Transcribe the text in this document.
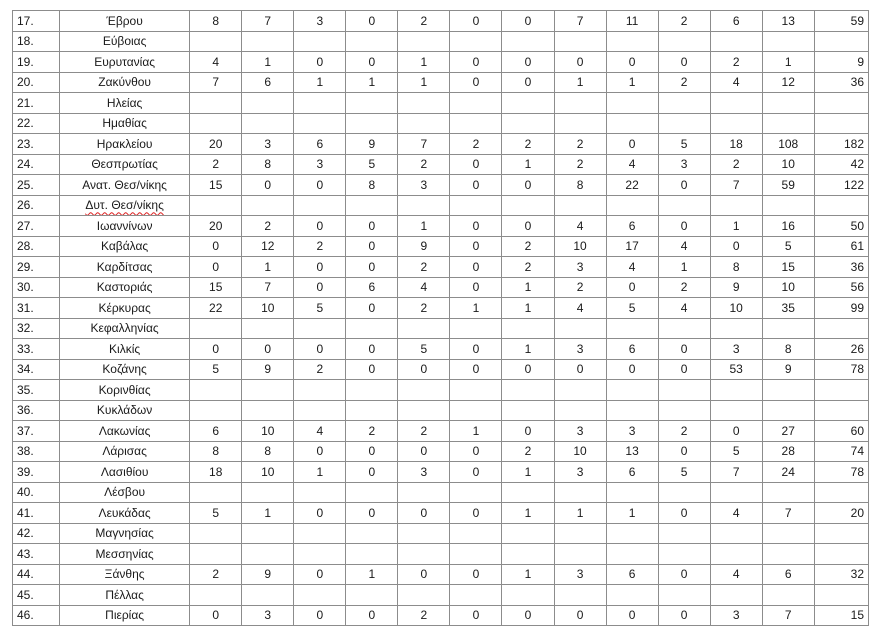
17.	Έβρου	8	7	3	0	2	0	0	7	11	2	6	13	59
18.	Εύβοιας													
19.	Ευρυτανίας	4	1	0	0	1	0	0	0	0	0	2	1	9
20.	Ζακύνθου	7	6	1	1	1	0	0	1	1	2	4	12	36
21.	Ηλείας													
22.	Ημαθίας													
23.	Ηρακλείου	20	3	6	9	7	2	2	2	0	5	18	108	182
24.	Θεσπρωτίας	2	8	3	5	2	0	1	2	4	3	2	10	42
25.	Ανατ. Θεσ/νίκης	15	0	0	8	3	0	0	8	22	0	7	59	122
26.	Δυτ. Θεσ/νίκης													
27.	Ιωαννίνων	20	2	0	0	1	0	0	4	6	0	1	16	50
28.	Καβάλας	0	12	2	0	9	0	2	10	17	4	0	5	61
29.	Καρδίτσας	0	1	0	0	2	0	2	3	4	1	8	15	36
30.	Καστοριάς	15	7	0	6	4	0	1	2	0	2	9	10	56
31.	Κέρκυρας	22	10	5	0	2	1	1	4	5	4	10	35	99
32.	Κεφαλληνίας													
33.	Κιλκίς	0	0	0	0	5	0	1	3	6	0	3	8	26
34.	Κοζάνης	5	9	2	0	0	0	0	0	0	0	53	9	78
35.	Κορινθίας													
36.	Κυκλάδων													
37.	Λακωνίας	6	10	4	2	2	1	0	3	3	2	0	27	60
38.	Λάρισας	8	8	0	0	0	0	2	10	13	0	5	28	74
39.	Λασιθίου	18	10	1	0	3	0	1	3	6	5	7	24	78
40.	Λέσβου													
41.	Λευκάδας	5	1	0	0	0	0	1	1	1	0	4	7	20
42.	Μαγνησίας													
43.	Μεσσηνίας													
44.	Ξάνθης	2	9	0	1	0	0	1	3	6	0	4	6	32
45.	Πέλλας													
46.	Πιερίας	0	3	0	0	2	0	0	0	0	0	3	7	15
